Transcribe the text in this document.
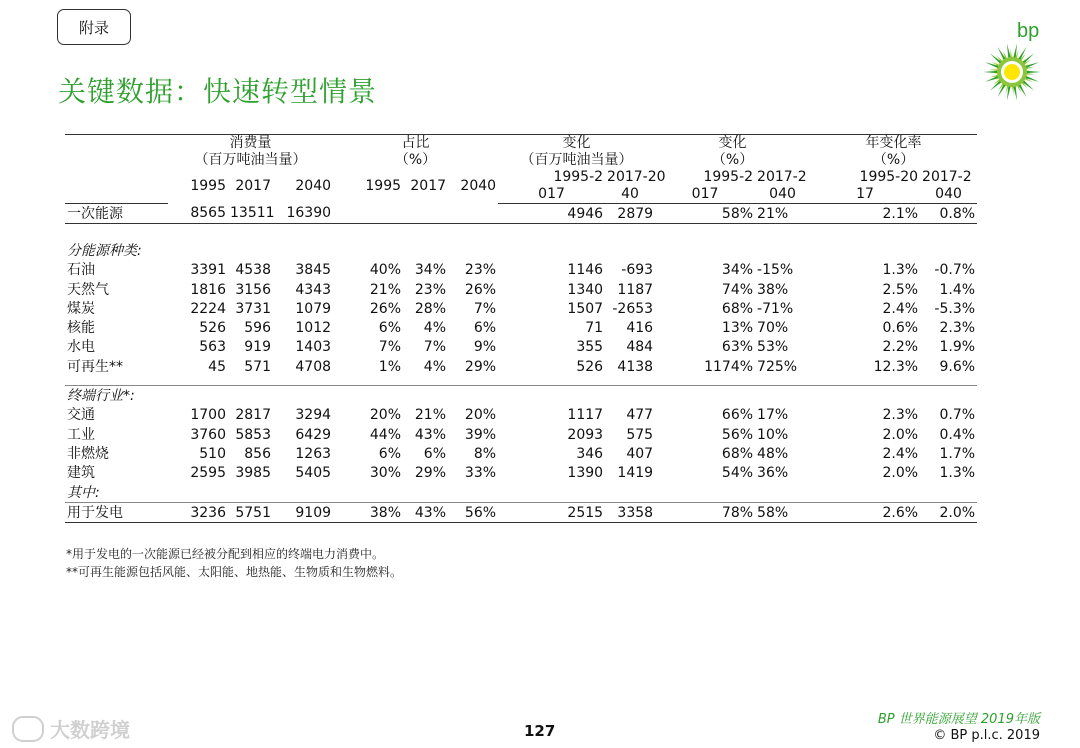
附录
关键数据：快速转型情景
bp
	消费量			占比			变化		变化		年变化率	
	（百万吨油当量）			（%）			（百万吨油当量）		（%）		（%）	
	1995	2017	2040	1995	2017	2040	1995-2	2017-20	1995-2	2017-2	1995-20	2017-2
							017	40	017	040	17	040
一次能源	8565	13511	16390				4946	2879	58%	21%	2.1%	0.8%

分能源种类:												
石油	3391	4538	3845	40%	34%	23%	1146	-693	34%	-15%	1.3%	-0.7%
天然气	1816	3156	4343	21%	23%	26%	1340	1187	74%	38%	2.5%	1.4%
煤炭	2224	3731	1079	26%	28%	7%	1507	-2653	68%	-71%	2.4%	-5.3%
核能	526	596	1012	6%	4%	6%	71	416	13%	70%	0.6%	2.3%
水电	563	919	1403	7%	7%	9%	355	484	63%	53%	2.2%	1.9%
可再生**	45	571	4708	1%	4%	29%	526	4138	1174%	725%	12.3%	9.6%

终端行业*:												
交通	1700	2817	3294	20%	21%	20%	1117	477	66%	17%	2.3%	0.7%
工业	3760	5853	6429	44%	43%	39%	2093	575	56%	10%	2.0%	0.4%
非燃烧	510	856	1263	6%	6%	8%	346	407	68%	48%	2.4%	1.7%
建筑	2595	3985	5405	30%	29%	33%	1390	1419	54%	36%	2.0%	1.3%
其中:												
用于发电	3236	5751	9109	38%	43%	56%	2515	3358	78%	58%	2.6%	2.0%
*用于发电的一次能源已经被分配到相应的终端电力消费中。
**可再生能源包括风能、太阳能、地热能、生物质和生物燃料。
大数跨境	127
BP 世界能源展望 2019年版
© BP p.l.c. 2019
